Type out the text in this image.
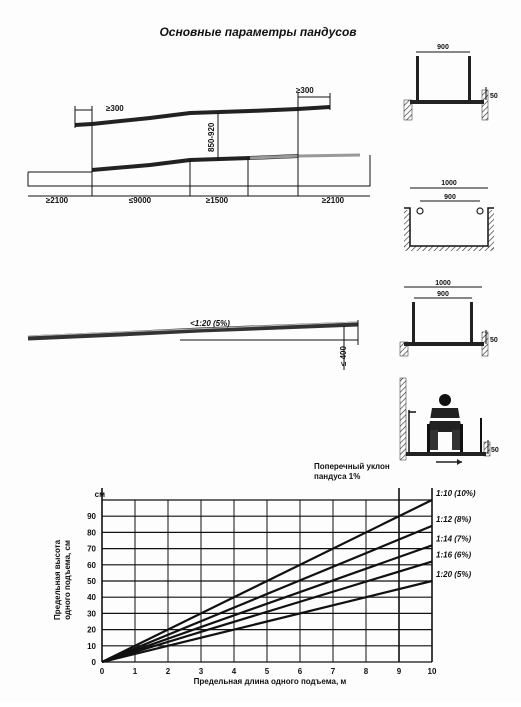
Основные параметры пандусов
≥300
≥300
850-920
≥2100	≤9000	≥1500	≥2100
<1:20 (5%)
≤ 400
900
50
1000
900
1000
900
50
50
Поперечный уклон
пандуса 1%
0
10
20
30
40
50
60
70
80
90
0	1	2	3	4	5	6	7	8	9	10
1:10 (10%)
1:12 (8%)
1:14 (7%)
1:16 (6%)
1:20 (5%)
см
Предельная высота одного подъема, см
Предельная длина одного подъема, м
